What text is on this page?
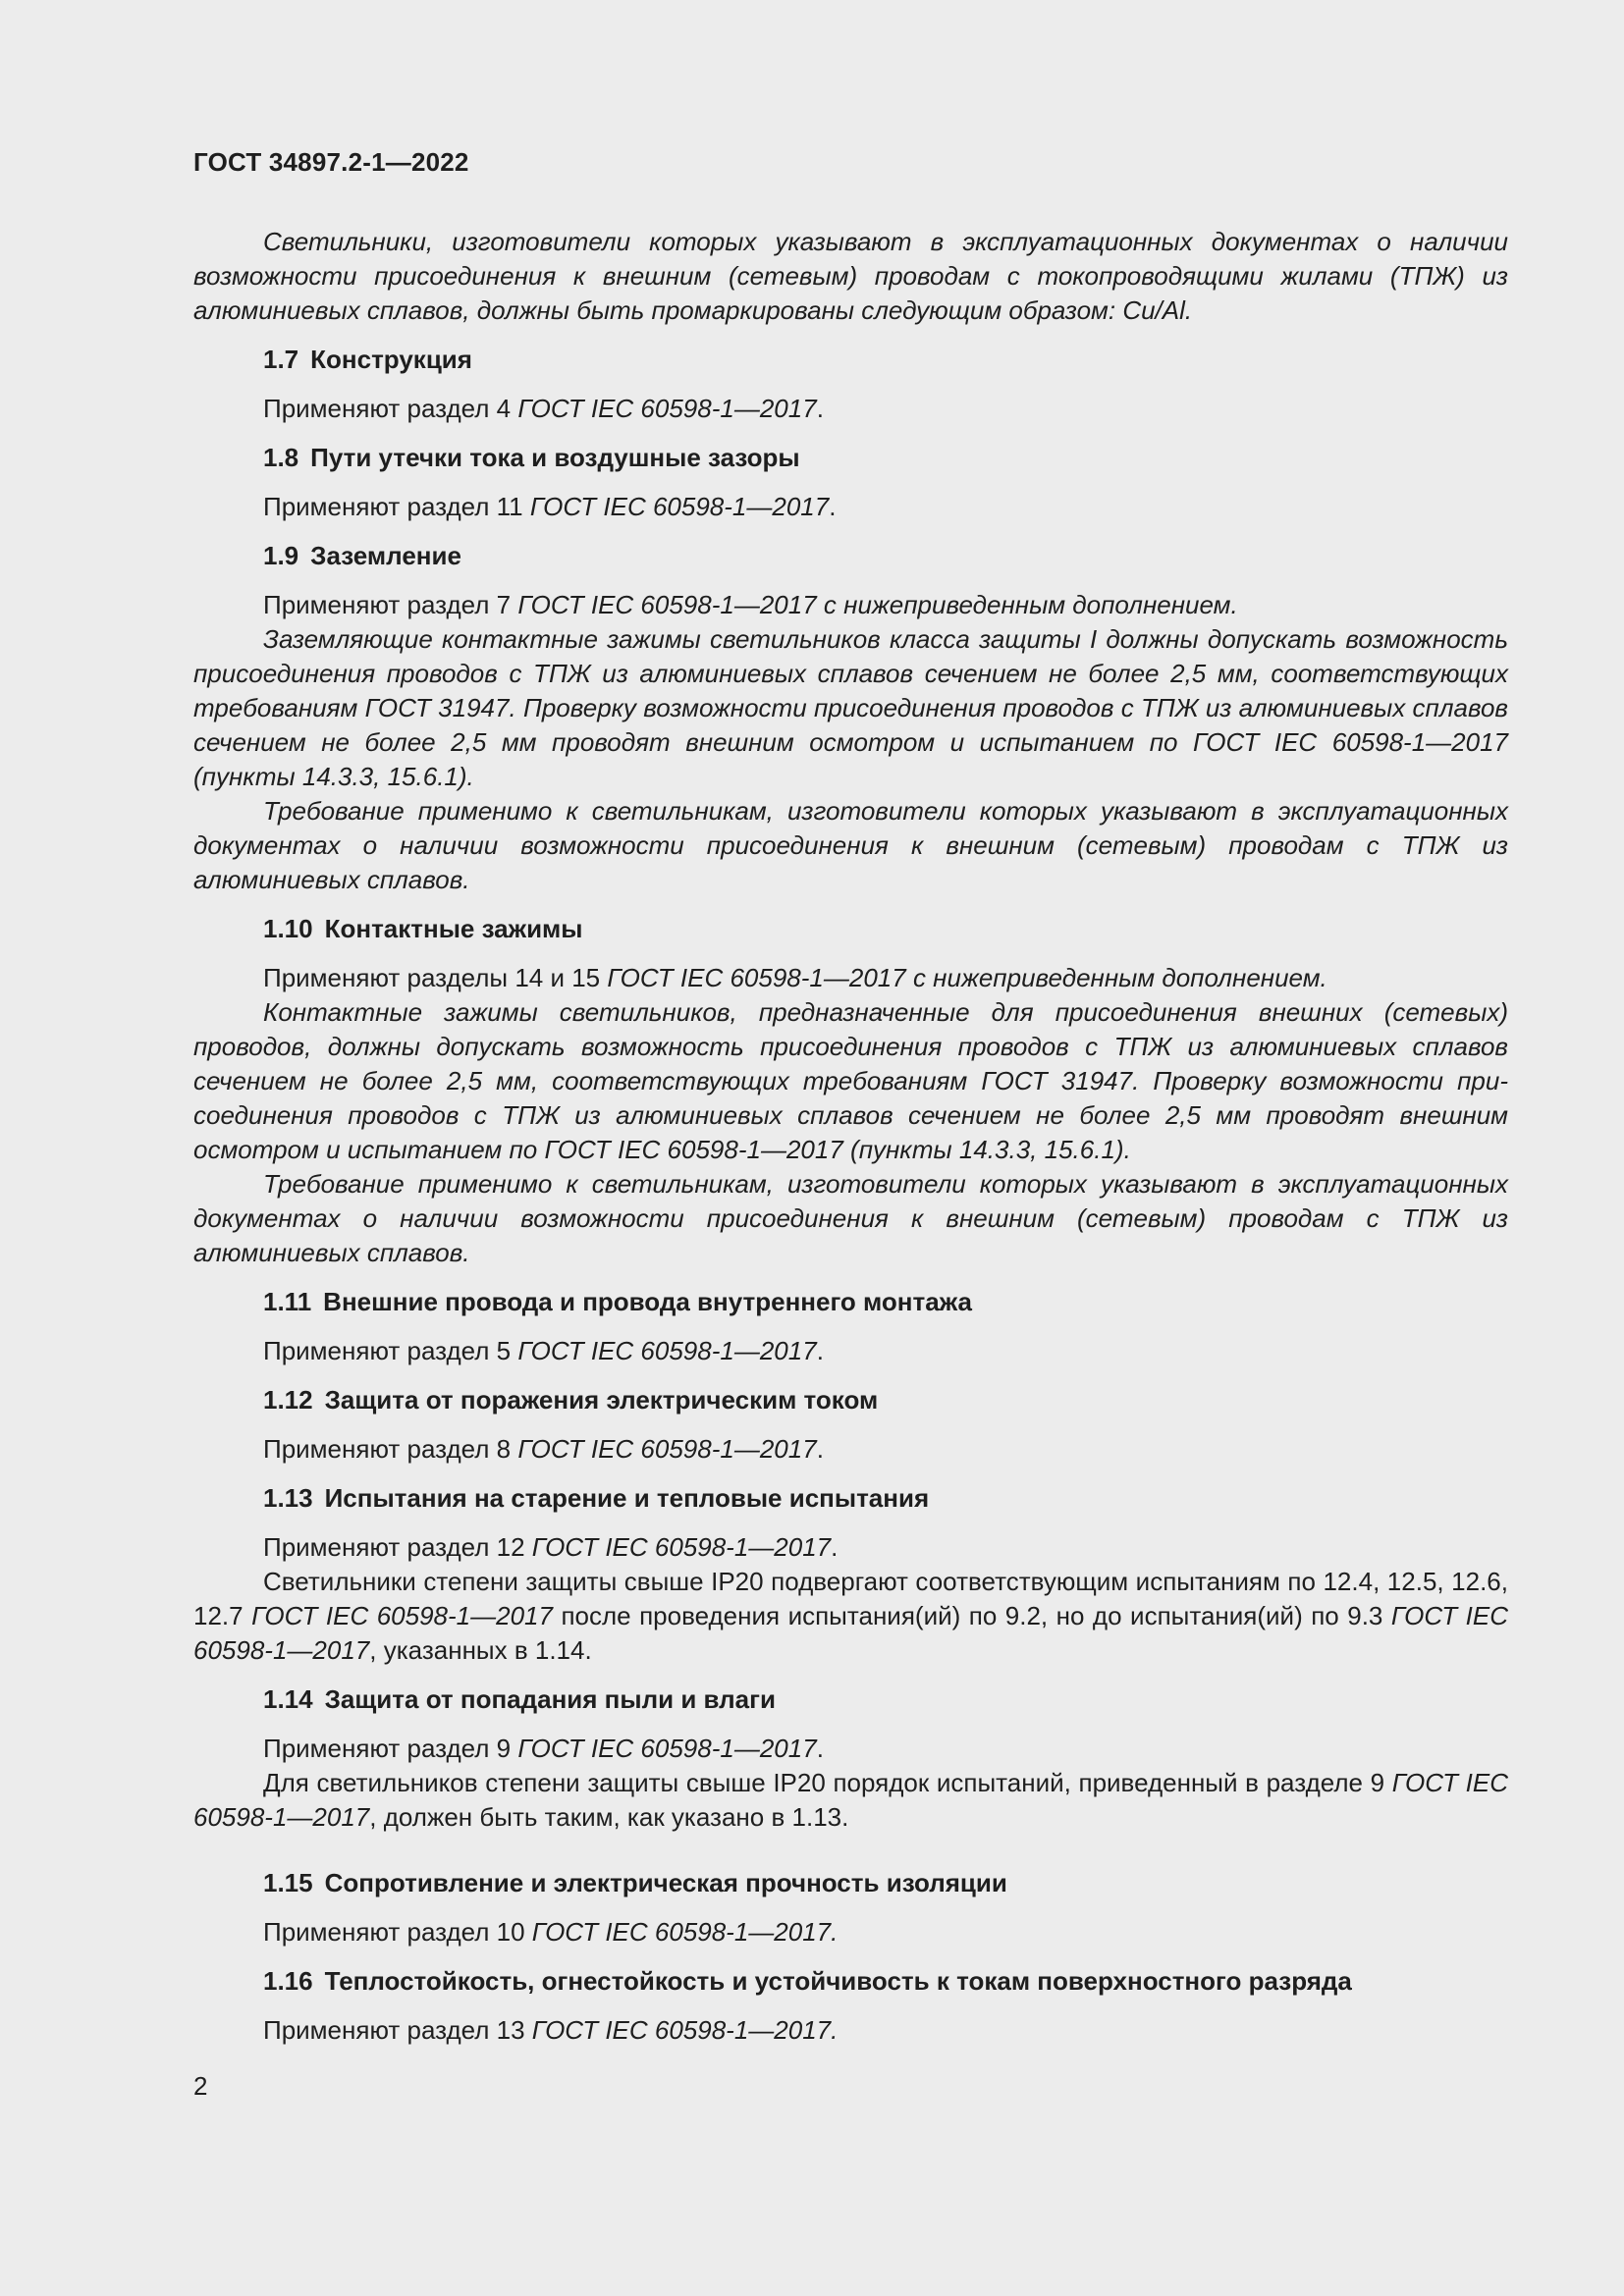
ГОСТ 34897.2-1—2022

Светильники, изготовители которых указывают в эксплуатационных документах о наличии возможности присоединения к внешним (сетевым) проводам с токопроводящими жилами (ТПЖ) из алюминиевых сплавов, должны быть промаркированы следующим образом: Cu/Al.

1.7 Конструкция

Применяют раздел 4 ГОСТ IEC 60598-1—2017.

1.8 Пути утечки тока и воздушные зазоры

Применяют раздел 11 ГОСТ IEC 60598-1—2017.

1.9 Заземление

Применяют раздел 7 ГОСТ IEC 60598-1—2017 с нижеприведенным дополнением.

Заземляющие контактные зажимы светильников класса защиты I должны допускать возможность присоединения проводов с ТПЖ из алюминиевых сплавов сечением не более 2,5 мм, соответствующих требованиям ГОСТ 31947. Проверку возможности присоединения проводов с ТПЖ из алюминиевых сплавов сечением не более 2,5 мм проводят внешним осмотром и испытанием по ГОСТ IEC 60598-1—2017 (пункты 14.3.3, 15.6.1).

Требование применимо к светильникам, изготовители которых указывают в эксплуатационных документах о наличии возможности присоединения к внешним (сетевым) проводам с ТПЖ из алюминиевых сплавов.

1.10 Контактные зажимы

Применяют разделы 14 и 15 ГОСТ IEC 60598-1—2017 с нижеприведенным дополнением.

Контактные зажимы светильников, предназначенные для присоединения внешних (сетевых) проводов, должны допускать возможность присоединения проводов с ТПЖ из алюминиевых сплавов сечением не более 2,5 мм, соответствующих требованиям ГОСТ 31947. Проверку возможности присоединения проводов с ТПЖ из алюминиевых сплавов сечением не более 2,5 мм проводят внешним осмотром и испытанием по ГОСТ IEC 60598-1—2017 (пункты 14.3.3, 15.6.1).

Требование применимо к светильникам, изготовители которых указывают в эксплуатационных документах о наличии возможности присоединения к внешним (сетевым) проводам с ТПЖ из алюминиевых сплавов.

1.11 Внешние провода и провода внутреннего монтажа

Применяют раздел 5 ГОСТ IEC 60598-1—2017.

1.12 Защита от поражения электрическим током

Применяют раздел 8 ГОСТ IEC 60598-1—2017.

1.13 Испытания на старение и тепловые испытания

Применяют раздел 12 ГОСТ IEC 60598-1—2017.

Светильники степени защиты свыше IP20 подвергают соответствующим испытаниям по 12.4, 12.5, 12.6, 12.7 ГОСТ IEC 60598-1—2017 после проведения испытания(ий) по 9.2, но до испытания(ий) по 9.3 ГОСТ IEC 60598-1—2017, указанных в 1.14.

1.14 Защита от попадания пыли и влаги

Применяют раздел 9 ГОСТ IEC 60598-1—2017.

Для светильников степени защиты свыше IP20 порядок испытаний, приведенный в разделе 9 ГОСТ IEC 60598-1—2017, должен быть таким, как указано в 1.13.

1.15 Сопротивление и электрическая прочность изоляции

Применяют раздел 10 ГОСТ IEC 60598-1—2017.

1.16 Теплостойкость, огнестойкость и устойчивость к токам поверхностного разряда

Применяют раздел 13 ГОСТ IEC 60598-1—2017.

2
